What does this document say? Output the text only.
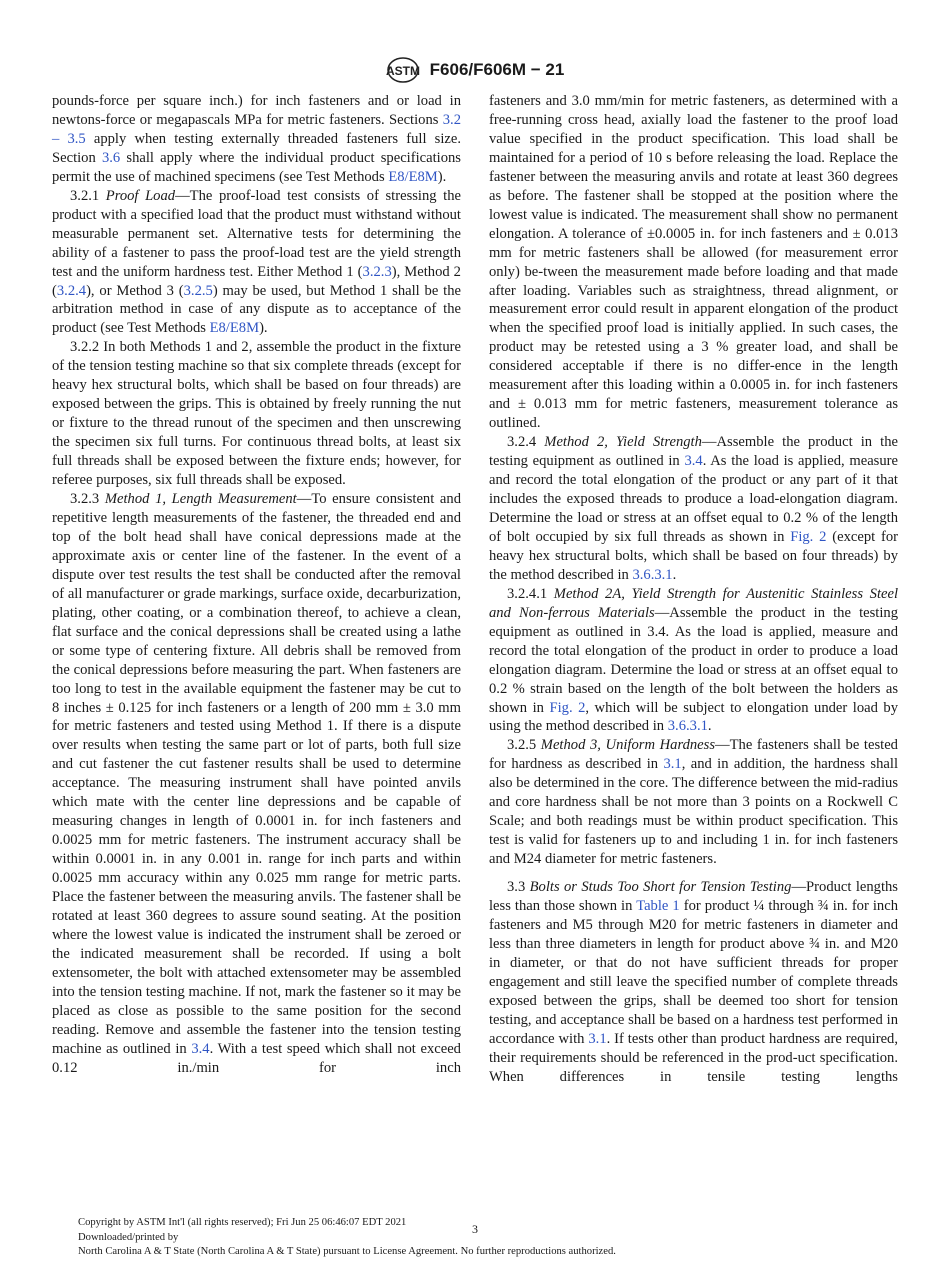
ASTM F606/F606M − 21

pounds-force per square inch.) for inch fasteners and or load in newtons-force or megapascals MPa for metric fasteners. Sections 3.2 – 3.5 apply when testing externally threaded fasteners full size. Section 3.6 shall apply where the individual product specifications permit the use of machined specimens (see Test Methods E8/E8M).

3.2.1 Proof Load—The proof-load test consists of stressing the product with a specified load that the product must withstand without measurable permanent set. Alternative tests for determining the ability of a fastener to pass the proof-load test are the yield strength test and the uniform hardness test. Either Method 1 (3.2.3), Method 2 (3.2.4), or Method 3 (3.2.5) may be used, but Method 1 shall be the arbitration method in case of any dispute as to acceptance of the product (see Test Methods E8/E8M).

3.2.2 In both Methods 1 and 2, assemble the product in the fixture of the tension testing machine so that six complete threads (except for heavy hex structural bolts, which shall be based on four threads) are exposed between the grips. This is obtained by freely running the nut or fixture to the thread runout of the specimen and then unscrewing the specimen six full turns. For continuous thread bolts, at least six full threads shall be exposed between the fixture ends; however, for referee purposes, six full threads shall be exposed.

3.2.3 Method 1, Length Measurement—To ensure consistent and repetitive length measurements of the fastener, the threaded end and top of the bolt head shall have conical depressions made at the approximate axis or center line of the fastener. In the event of a dispute over test results the test shall be conducted after the removal of all manufacturer or grade markings, surface oxide, decarburization, plating, other coating, or a combination thereof, to achieve a clean, flat surface and the conical depressions shall be created using a lathe or some type of centering fixture. All debris shall be removed from the conical depressions before measuring the part. When fasteners are too long to test in the available equipment the fastener may be cut to 8 inches ± 0.125 for inch fasteners or a length of 200 mm ± 3.0 mm for metric fasteners and tested using Method 1. If there is a dispute over results when testing the same part or lot of parts, both full size and cut fastener the cut fastener results shall be used to determine acceptance. The measuring instrument shall have pointed anvils which mate with the center line depressions and be capable of measuring changes in length of 0.0001 in. for inch fasteners and 0.0025 mm for metric fasteners. The instrument accuracy shall be within 0.0001 in. in any 0.001 in. range for inch parts and within 0.0025 mm accuracy within any 0.025 mm range for metric parts. Place the fastener between the measuring anvils. The fastener shall be rotated at least 360 degrees to assure sound seating. At the position where the lowest value is indicated the instrument shall be zeroed or the indicated measurement shall be recorded. If using a bolt extensometer, the bolt with attached extensometer may be assembled into the tension testing machine. If not, mark the fastener so it may be placed as close as possible to the same position for the second reading. Remove and assemble the fastener into the tension testing machine as outlined in 3.4. With a test speed which shall not exceed 0.12 in./min for inch

fasteners and 3.0 mm/min for metric fasteners, as determined with a free-running cross head, axially load the fastener to the proof load value specified in the product specification. This load shall be maintained for a period of 10 s before releasing the load. Replace the fastener between the measuring anvils and rotate at least 360 degrees as before. The fastener shall be stopped at the position where the lowest value is indicated. The measurement shall show no permanent elongation. A tolerance of ±0.0005 in. for inch fasteners and ± 0.013 mm for metric fasteners shall be allowed (for measurement error only) be-tween the measurement made before loading and that made after loading. Variables such as straightness, thread alignment, or measurement error could result in apparent elongation of the product when the specified proof load is initially applied. In such cases, the product may be retested using a 3 % greater load, and shall be considered acceptable if there is no differ-ence in the length measurement after this loading within a 0.0005 in. for inch fasteners and ± 0.013 mm for metric fasteners, measurement tolerance as outlined.

3.2.4 Method 2, Yield Strength—Assemble the product in the testing equipment as outlined in 3.4. As the load is applied, measure and record the total elongation of the product or any part of it that includes the exposed threads to produce a load-elongation diagram. Determine the load or stress at an offset equal to 0.2 % of the length of bolt occupied by six full threads as shown in Fig. 2 (except for heavy hex structural bolts, which shall be based on four threads) by the method described in 3.6.3.1.

3.2.4.1 Method 2A, Yield Strength for Austenitic Stainless Steel and Non-ferrous Materials—Assemble the product in the testing equipment as outlined in 3.4. As the load is applied, measure and record the total elongation of the product in order to produce a load elongation diagram. Determine the load or stress at an offset equal to 0.2 % strain based on the length of the bolt between the holders as shown in Fig. 2, which will be subject to elongation under load by using the method described in 3.6.3.1.

3.2.5 Method 3, Uniform Hardness—The fasteners shall be tested for hardness as described in 3.1, and in addition, the hardness shall also be determined in the core. The difference between the mid-radius and core hardness shall be not more than 3 points on a Rockwell C Scale; and both readings must be within product specification. This test is valid for fasteners up to and including 1 in. for inch fasteners and M24 diameter for metric fasteners.

3.3 Bolts or Studs Too Short for Tension Testing—Product lengths less than those shown in Table 1 for product ¼ through ¾ in. for inch fasteners and M5 through M20 for metric fasteners in diameter and less than three diameters in length for product above ¾ in. and M20 in diameter, or that do not have sufficient threads for proper engagement and still leave the specified number of complete threads exposed between the grips, shall be deemed too short for tension testing, and acceptance shall be based on a hardness test performed in accordance with 3.1. If tests other than product hardness are required, their requirements should be referenced in the prod-uct specification. When differences in tensile testing lengths

Copyright by ASTM Int'l (all rights reserved); Fri Jun 25 06:46:07 EDT 2021
Downloaded/printed by
North Carolina A & T State (North Carolina A & T State) pursuant to License Agreement. No further reproductions authorized.
3
